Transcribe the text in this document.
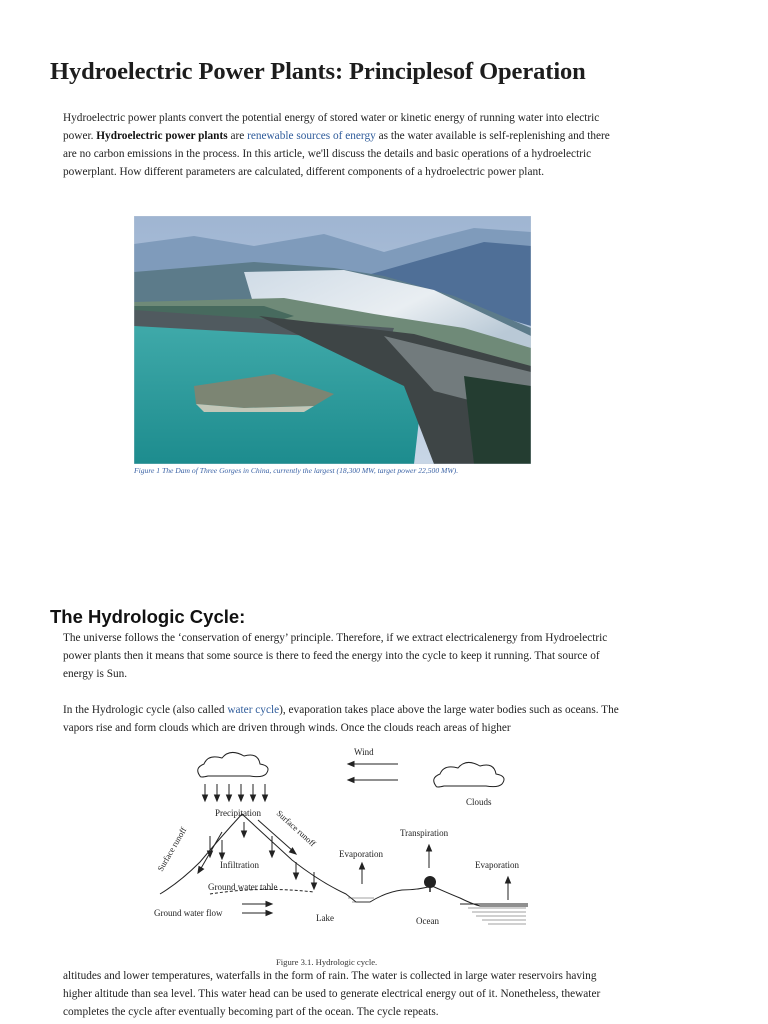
Hydroelectric Power Plants: Principlesof Operation

Hydroelectric power plants convert the potential energy of stored water or kinetic energy of running water into electric power. Hydroelectric power plants are renewable sources of energy as the water available is self-replenishing and there are no carbon emissions in the process. In this article, we'll discuss the details and basic operations of a hydroelectric powerplant. How different parameters are calculated, different components of a hydroelectric power plant.

Figure 1 The Dam of Three Gorges in China, currently the largest (18,300 MW, target power 22,500 MW).

The Hydrologic Cycle:

The universe follows the ‘conservation of energy’ principle. Therefore, if we extract electricalenergy from Hydroelectric power plants then it means that some source is there to feed the energy into the cycle to keep it running. That source of energy is Sun.

In the Hydrologic cycle (also called water cycle), evaporation takes place above the large water bodies such as oceans. The vapors rise and form clouds which are driven through winds. Once the clouds reach areas of higher

Wind
Clouds
Precipitation
Surface runoff	Surface runoff	Transpiration
Evaporation
Evaporation
Infiltration
Ground water table
Ground water flow	Lake	Ocean

Figure 3.1. Hydrologic cycle.

altitudes and lower temperatures, waterfalls in the form of rain. The water is collected in large water reservoirs having higher altitude than sea level. This water head can be used to generate electrical energy out of it. Nonetheless, thewater completes the cycle after eventually becoming part of the ocean. The cycle repeats.
